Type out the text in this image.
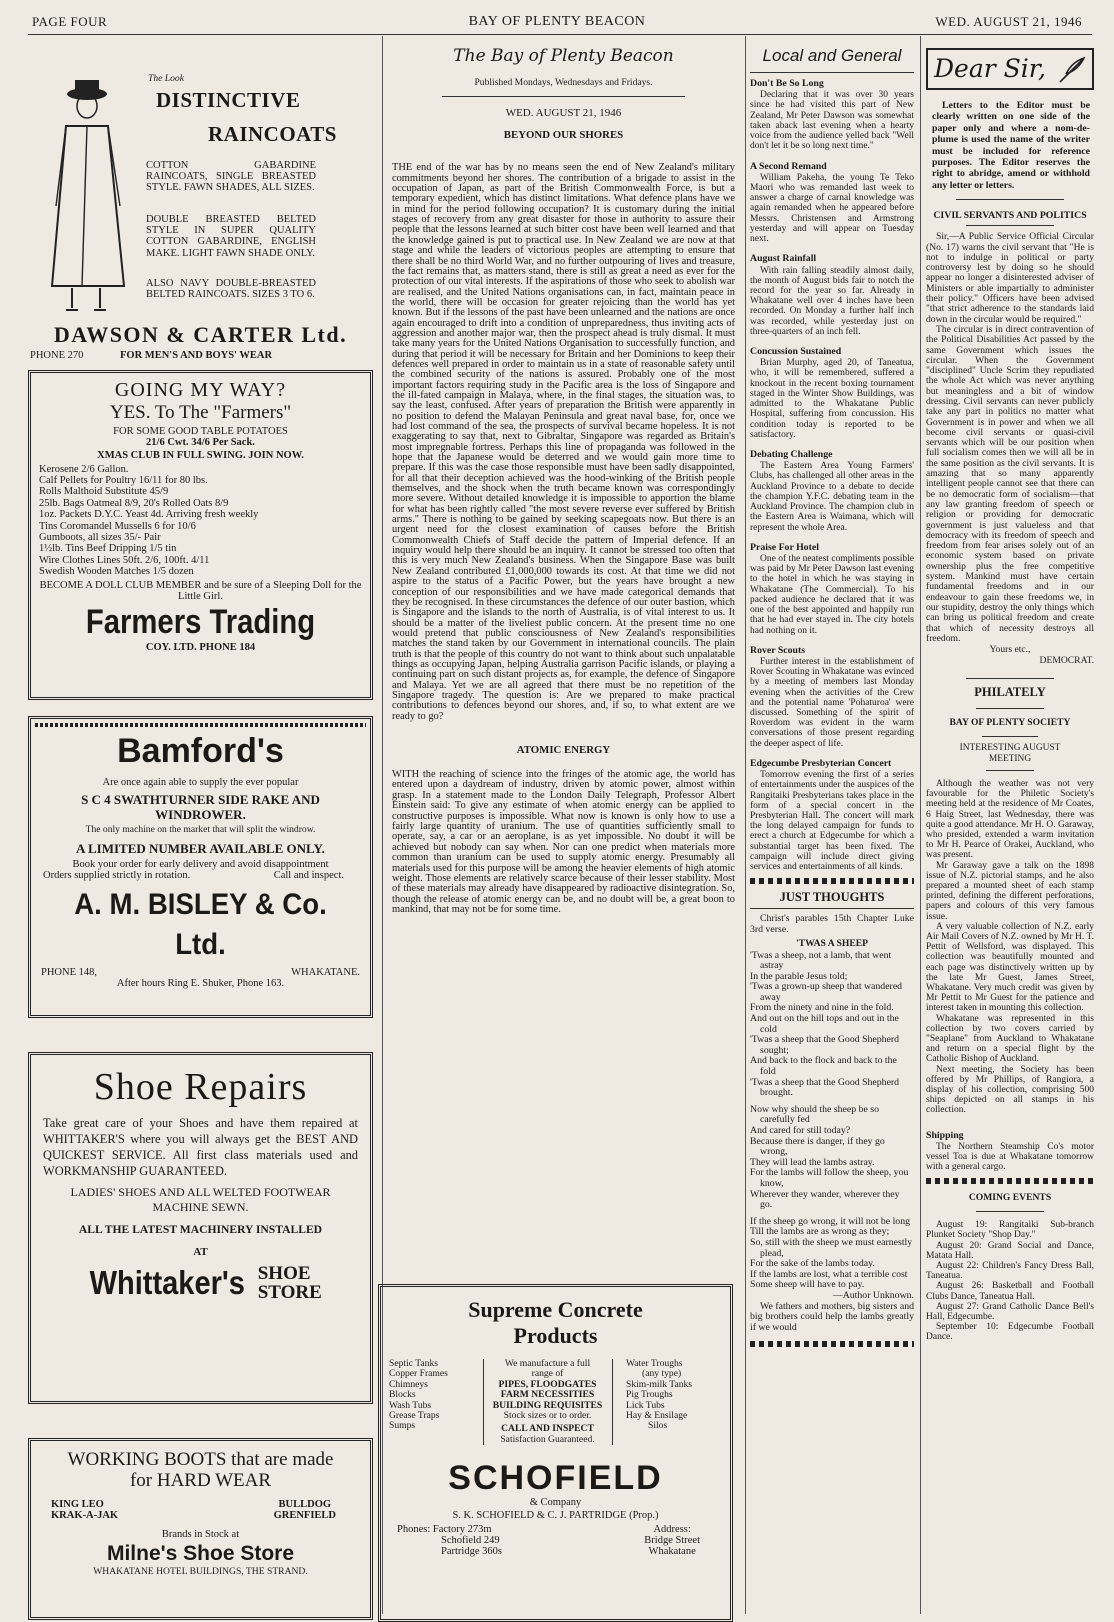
PAGE FOUR	BAY OF PLENTY BEACON	WED. AUGUST 21, 1946
The Look
DISTINCTIVE
RAINCOATS
COTTON GABARDINE RAINCOATS, SINGLE BREASTED STYLE. FAWN SHADES, ALL SIZES.
DOUBLE BREASTED BELTED STYLE IN SUPER QUALITY COTTON GABARDINE, ENGLISH MAKE. LIGHT FAWN SHADE ONLY.
ALSO NAVY DOUBLE-BREASTED BELTED RAINCOATS. SIZES 3 TO 6.
DAWSON & CARTER Ltd.
PHONE 270	FOR MEN'S AND BOYS' WEAR
GOING MY WAY?
YES. To The "Farmers"
FOR SOME GOOD TABLE POTATOES
21/6 Cwt. 34/6 Per Sack.
XMAS CLUB IN FULL SWING. JOIN NOW.
Kerosene 2/6 Gallon.
Calf Pellets for Poultry 16/11 for 80 lbs.
Rolls Malthoid Substitute 45/9
25lb. Bags Oatmeal 8/9, 20's Rolled Oats 8/9
1oz. Packets D.Y.C. Yeast 4d. Arriving fresh weekly
Tins Coromandel Mussells 6 for 10/6
Gumboots, all sizes 35/- Pair
1½lb. Tins Beef Dripping 1/5 tin
Wire Clothes Lines 50ft. 2/6, 100ft. 4/11
Swedish Wooden Matches 1/5 dozen
BECOME A DOLL CLUB MEMBER and be sure of a Sleeping Doll for the Little Girl.
Farmers Trading
COY. LTD. PHONE 184
Bamford's
Are once again able to supply the ever popular
S C 4 SWATHTURNER SIDE RAKE AND WINDROWER.
The only machine on the market that will split the windrow.
A LIMITED NUMBER AVAILABLE ONLY.
Book your order for early delivery and avoid disappointment
Orders supplied strictly in rotation.	Call and inspect.
A. M. BISLEY & Co. Ltd.
PHONE 148,	WHAKATANE.
After hours Ring E. Shuker, Phone 163.
Shoe Repairs
Take great care of your Shoes and have them repaired at WHITTAKER'S where you will always get the BEST AND QUICKEST SERVICE. All first class materials used and WORKMANSHIP GUARANTEED.
LADIES' SHOES AND ALL WELTED FOOTWEAR MACHINE SEWN.
ALL THE LATEST MACHINERY INSTALLED
AT
Whittaker's SHOE
STORE
WORKING BOOTS that are made
for HARD WEAR
KING LEO
KRAK-A-JAK
BULLDOG
GRENFIELD
Brands in Stock at
Milne's Shoe Store
WHAKATANE HOTEL BUILDINGS, THE STRAND.
The Bay of Plenty Beacon
Published Mondays, Wednesdays and Fridays.
WED. AUGUST 21, 1946
BEYOND OUR SHORES
THE end of the war has by no means seen the end of New Zealand's military commitments beyond her shores. The contribution of a brigade to assist in the occupation of Japan, as part of the British Commonwealth Force, is but a temporary expedient, which has distinct limitations. What defence plans have we in mind for the period following occupation? It is customary during the initial stages of recovery from any great disaster for those in authority to assure their people that the lessons learned at such bitter cost have been well learned and that the knowledge gained is put to practical use. In New Zealand we are now at that stage and while the leaders of victorious peoples are attempting to ensure that there shall be no third World War, and no further outpouring of lives and treasure, the fact remains that, as matters stand, there is still as great a need as ever for the protection of our vital interests. If the aspirations of those who seek to abolish war are realised, and the United Nations organisations can, in fact, maintain peace in the world, there will be occasion for greater rejoicing than the world has yet known. But if the lessons of the past have been unlearned and the nations are once again encouraged to drift into a condition of unpreparedness, thus inviting acts of aggression and another major war, then the prospect ahead is truly dismal. It must take many years for the United Nations Organisation to successfully function, and during that period it will be necessary for Britain and her Dominions to keep their defences well prepared in order to maintain us in a state of reasonable safety until the combined security of the nations is assured. Probably one of the most important factors requiring study in the Pacific area is the loss of Singapore and the ill-fated campaign in Malaya, where, in the final stages, the situation was, to say the least, confused. After years of preparation the British were apparently in no position to defend the Malayan Peninsula and great naval base, for, once we had lost command of the sea, the prospects of survival became hopeless. It is not exaggerating to say that, next to Gibraltar, Singapore was regarded as Britain's most impregnable fortress. Perhaps this line of propaganda was followed in the hope that the Japanese would be deterred and we would gain more time to prepare. If this was the case those responsible must have been sadly disappointed, for all that their deception achieved was the hood-winking of the British people themselves, and the shock when the truth became known was correspondingly more severe. Without detailed knowledge it is impossible to apportion the blame for what has been rightly called "the most severe reverse ever suffered by British arms." There is nothing to be gained by seeking scapegoats now. But there is an urgent need for the closest examination of causes before the British Commonwealth Chiefs of Staff decide the pattern of Imperial defence. If an inquiry would help there should be an inquiry. It cannot be stressed too often that this is very much New Zealand's business. When the Singapore Base was built New Zealand contributed £1,000,000 towards its cost. At that time we did not aspire to the status of a Pacific Power, but the years have brought a new conception of our responsibilities and we have made categorical demands that they be recognised. In these circumstances the defence of our outer bastion, which is Singapore and the islands to the north of Australia, is of vital interest to us. It should be a matter of the liveliest public concern. At the present time no one would pretend that public consciousness of New Zealand's responsibilities matches the stand taken by our Government in international councils. The plain truth is that the people of this country do not want to think about such unpalatable things as occupying Japan, helping Australia garrison Pacific islands, or playing a continuing part on such distant projects as, for example, the defence of Singapore and Malaya. Yet we are all agreed that there must be no repetition of the Singapore tragedy. The question is: Are we prepared to make practical contributions to defences beyond our shores, and, if so, to what extent are we ready to go?
ATOMIC ENERGY
WITH the reaching of science into the fringes of the atomic age, the world has entered upon a daydream of industry, driven by atomic power, almost within grasp. In a statement made to the London Daily Telegraph, Professor Albert Einstein said: To give any estimate of when atomic energy can be applied to constructive purposes is impossible. What now is known is only how to use a fairly large quantity of uranium. The use of quantities sufficiently small to operate, say, a car or an aeroplane, is as yet impossible. No doubt it will be achieved but nobody can say when. Nor can one predict when materials more common than uranium can be used to supply atomic energy. Presumably all materials used for this purpose will be among the heavier elements of high atomic weight. Those elements are relatively scarce because of their lesser stability. Most of these materials may already have disappeared by radioactive disintegration. So, though the release of atomic energy can be, and no doubt will be, a great boon to mankind, that may not be for some time.
Supreme Concrete
Products
Septic Tanks
Copper Frames
Chimneys
Blocks
Wash Tubs
Grease Traps
Sumps
We manufacture a full
range of
PIPES, FLOODGATES
FARM NECESSITIES
BUILDING REQUISITES
Stock sizes or to order.
CALL AND INSPECT
Satisfaction Guaranteed.
Water Troughs
(any type)
Skim-milk Tanks
Pig Troughs
Lick Tubs
Hay & Ensilage
Silos
SCHOFIELD
& Company
S. K. SCHOFIELD & C. J. PARTRIDGE (Prop.)
Phones: Factory 273m
Schofield 249
Partridge 360s
Address:
Bridge Street
Whakatane
Local and General
Don't Be So Long
Declaring that it was over 30 years since he had visited this part of New Zealand, Mr Peter Dawson was somewhat taken aback last evening when a hearty voice from the audience yelled back "Well don't let it be so long next time."
A Second Remand
William Pakeha, the young Te Teko Maori who was remanded last week to answer a charge of carnal knowledge was again remanded when he appeared before Messrs. Christensen and Armstrong yesterday and will appear on Tuesday next.
August Rainfall
With rain falling steadily almost daily, the month of August bids fair to notch the record for the year so far. Already in Whakatane well over 4 inches have been recorded. On Monday a further half inch was recorded, while yesterday just on three-quarters of an inch fell.
Concussion Sustained
Brian Murphy, aged 20, of Taneatua, who, it will be remembered, suffered a knockout in the recent boxing tournament staged in the Winter Show Buildings, was admitted to the Whakatane Public Hospital, suffering from concussion. His condition today is reported to be satisfactory.
Debating Challenge
The Eastern Area Young Farmers' Clubs, has challenged all other areas in the Auckland Province to a debate to decide the champion Y.F.C. debating team in the Auckland Province. The champion club in the Eastern Area is Waimana, which will represent the whole Area.
Praise For Hotel
One of the neatest compliments possible was paid by Mr Peter Dawson last evening to the hotel in which he was staying in Whakatane (The Commercial). To his packed audience he declared that it was one of the best appointed and happily run that he had ever stayed in. The city hotels had nothing on it.
Rover Scouts
Further interest in the establishment of Rover Scouting in Whakatane was evinced by a meeting of members last Monday evening when the activities of the Crew and the potential name 'Pohaturoa' were discussed. Something of the spirit of Roverdom was evident in the warm conversations of those present regarding the deeper aspect of life.
Edgecumbe Presbyterian Concert
Tomorrow evening the first of a series of entertainments under the auspices of the Rangitaiki Presbyterians takes place in the form of a special concert in the Presbyterian Hall. The concert will mark the long delayed campaign for funds to erect a church at Edgecumbe for which a substantial target has been fixed. The campaign will include direct giving services and entertainments of all kinds.
JUST THOUGHTS
Christ's parables 15th Chapter Luke 3rd verse.
'TWAS A SHEEP
'Twas a sheep, not a lamb, that went astray
In the parable Jesus told;
'Twas a grown-up sheep that wandered away
From the ninety and nine in the fold.
And out on the hill tops and out in the cold
'Twas a sheep that the Good Shepherd sought;
And back to the flock and back to the fold
'Twas a sheep that the Good Shepherd brought.
Now why should the sheep be so carefully fed
And cared for still today?
Because there is danger, if they go wrong,
They will lead the lambs astray.
For the lambs will follow the sheep, you know,
Wherever they wander, wherever they go.
If the sheep go wrong, it will not be long
Till the lambs are as wrong as they;
So, still with the sheep we must earnestly plead,
For the sake of the lambs today.
If the lambs are lost, what a terrible cost
Some sheep will have to pay.
—Author Unknown.
We fathers and mothers, big sisters and big brothers could help the lambs greatly if we would
Dear Sir,
Letters to the Editor must be clearly written on one side of the paper only and where a nom-de-plume is used the name of the writer must be included for reference purposes. The Editor reserves the right to abridge, amend or withhold any letter or letters.
CIVIL SERVANTS AND POLITICS
Sir,—A Public Service Official Circular (No. 17) warns the civil servant that "He is not to indulge in political or party controversy lest by doing so he should appear no longer a disinterested adviser of Ministers or able impartially to administer their policy." Officers have been advised "that strict adherence to the standards laid down in the circular would be required."
The circular is in direct contravention of the Political Disabilities Act passed by the same Government which issues the circular. When the Government "disciplined" Uncle Scrim they repudiated the whole Act which was never anything but meaningless and a bit of window dressing. Civil servants can never publicly take any part in politics no matter what Government is in power and when we all become civil servants or quasi-civil servants which will be our position when full socialism comes then we will all be in the same position as the civil servants. It is amazing that so many apparently intelligent people cannot see that there can be no democratic form of socialism—that any law granting freedom of speech or religion or providing for democratic government is just valueless and that democracy with its freedom of speech and freedom from fear arises solely out of an economic system based on private ownership plus the free competitive system. Mankind must have certain fundamental freedoms and in our endeavour to gain these freedoms we, in our stupidity, destroy the only things which can bring us political freedom and create that which of necessity destroys all freedom.
Yours etc.,
DEMOCRAT.
PHILATELY
BAY OF PLENTY SOCIETY
INTERESTING AUGUST MEETING
Although the weather was not very favourable for the Philetic Society's meeting held at the residence of Mr Coates, 6 Haig Street, last Wednesday, there was quite a good attendance. Mr H. O. Garaway, who presided, extended a warm invitation to Mr H. Pearce of Orakei, Auckland, who was present.
Mr Garaway gave a talk on the 1898 issue of N.Z. pictorial stamps, and he also prepared a mounted sheet of each stamp printed, defining the different perforations, papers and colours of this very famous issue.
A very valuable collection of N.Z. early Air Mail Covers of N.Z. owned by Mr H. T. Pettit of Wellsford, was displayed. This collection was beautifully mounted and each page was distinctively written up by the late Mr Guest, James Street, Whakatane. Very much credit was given by Mr Pettit to Mr Guest for the patience and interest taken in mounting this collection.
Whakatane was represented in this collection by two covers carried by "Seaplane" from Auckland to Whakatane and return on a special flight by the Catholic Bishop of Auckland.
Next meeting, the Society has been offered by Mr Phillips, of Rangiora, a display of his collection, comprising 500 ships depicted on all stamps in his collection.
Shipping
The Northern Steamship Co's motor vessel Toa is due at Whakatane tomorrow with a general cargo.
COMING EVENTS
August 19: Rangitaiki Sub-branch Plunket Society "Shop Day."
August 20: Grand Social and Dance, Matata Hall.
August 22: Children's Fancy Dress Ball, Taneatua.
August 26: Basketball and Football Clubs Dance, Taneatua Hall.
August 27: Grand Catholic Dance Bell's Hall, Edgecumbe.
September 10: Edgecumbe Football Dance.
